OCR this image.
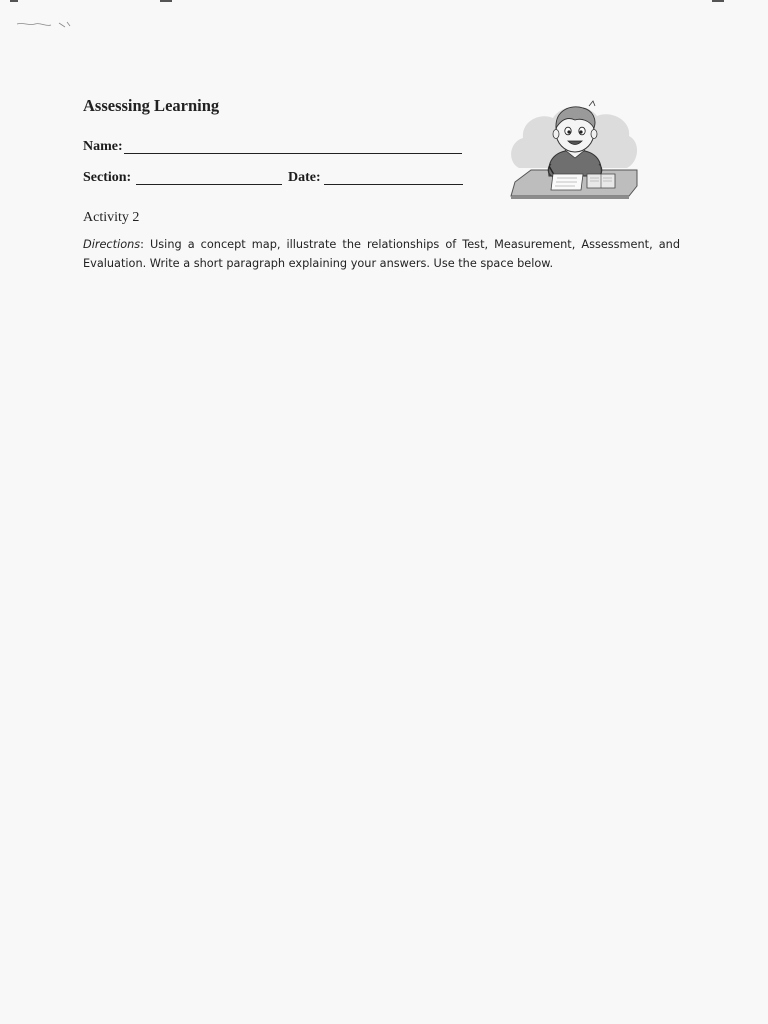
Assessing Learning
Name:
Section:	Date:
Activity 2
Directions: Using a concept map, illustrate the relationships of Test, Measurement, Assessment, and Evaluation. Write a short paragraph explaining your answers. Use the space below.
